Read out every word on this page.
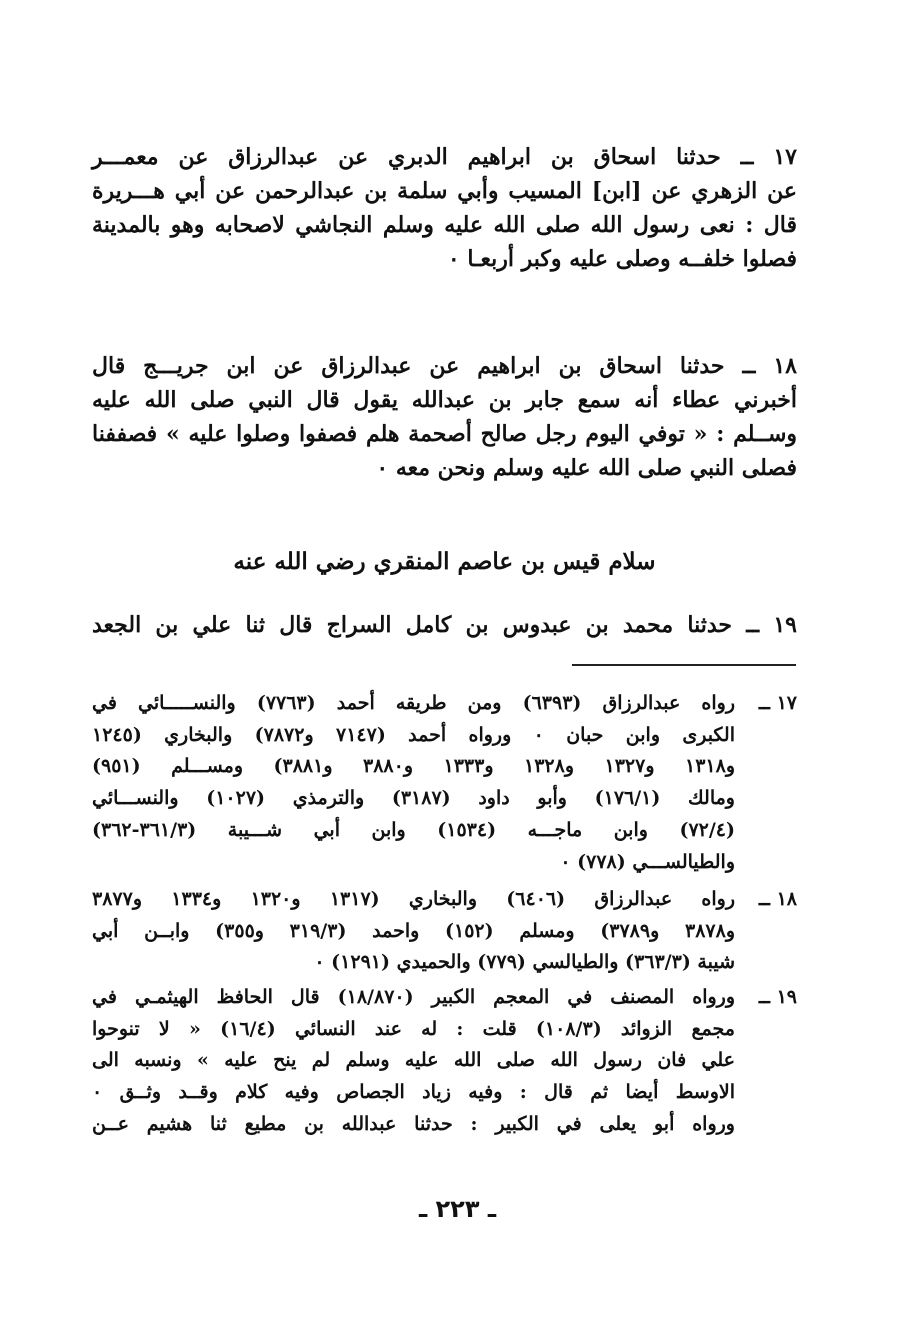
١٧ ــ حدثنا اسحاق بن ابراهيم الدبري عن عبدالرزاق عن معمـــر
عن الزهري عن [ابن] المسيب وأبي سلمة بن عبدالرحمن عن أبي هـــريرة
قال : نعى رسول الله صلى الله عليه وسلم النجاشي لاصحابه وهو بالمدينة
فصلوا خلفــه وصلى عليه وكبر أربعـا ٠
١٨ ــ حدثنا اسحاق بن ابراهيم عن عبدالرزاق عن ابن جريـــج قال
أخبرني عطاء أنه سمع جابر بن عبدالله يقول قال النبي صلى الله عليه
وســلم : « توفي اليوم رجل صالح أصحمة هلم فصفوا وصلوا عليه » فصففنا
فصلى النبي صلى الله عليه وسلم ونحن معه ٠
سلام قيس بن عاصم المنقري رضي الله عنه
١٩ ــ حدثنا محمد بن عبدوس بن كامل السراج قال ثنا علي بن الجعد
١٧ ــ
رواه عبدالرزاق (٦٣٩٣) ومن طريقه أحمد (٧٧٦٣) والنســـــائي في
الكبرى وابن حبان ٠ ورواه أحمد (٧١٤٧ و٧٨٧٢) والبخاري (١٢٤٥
و١٣١٨ و١٣٢٧ و١٣٢٨ و١٣٣٣ و٣٨٨٠ و٣٨٨١) ومســـلم (٩٥١)
ومالك (١٧٦/١) وأبو داود (٣١٨٧) والترمذي (١٠٢٧) والنســـائي
(٧٢/٤) وابن ماجـــه (١٥٣٤) وابن أبي شـــيبة (٣٦١/٣-٣٦٢)
والطيالســـي (٧٧٨) ٠
١٨ ــ
رواه عبدالرزاق (٦٤٠٦) والبخاري (١٣١٧ و١٣٢٠ و١٣٣٤ و٣٨٧٧
و٣٨٧٨ و٣٧٨٩) ومسلم (١٥٢) واحمد (٣١٩/٣ و٣٥٥) وابــن أبي
شيبة (٣٦٣/٣) والطيالسي (٧٧٩) والحميدي (١٢٩١) ٠
١٩ ــ
ورواه المصنف في المعجم الكبير (١٨/٨٧٠) قال الحافظ الهيثمـي في
مجمع الزوائد (١٠٨/٣) قلت : له عند النسائي (١٦/٤) « لا تنوحوا
علي فان رسول الله صلى الله عليه وسلم لم ينح عليه » ونسبه الى
الاوسط أيضا ثم قال : وفيه زياد الجصاص وفيه كلام وقــد وثــق ٠
ورواه أبو يعلى في الكبير : حدثنا عبدالله بن مطيع ثنا هشيم عــن
ـ ٢٢٣ ـ
